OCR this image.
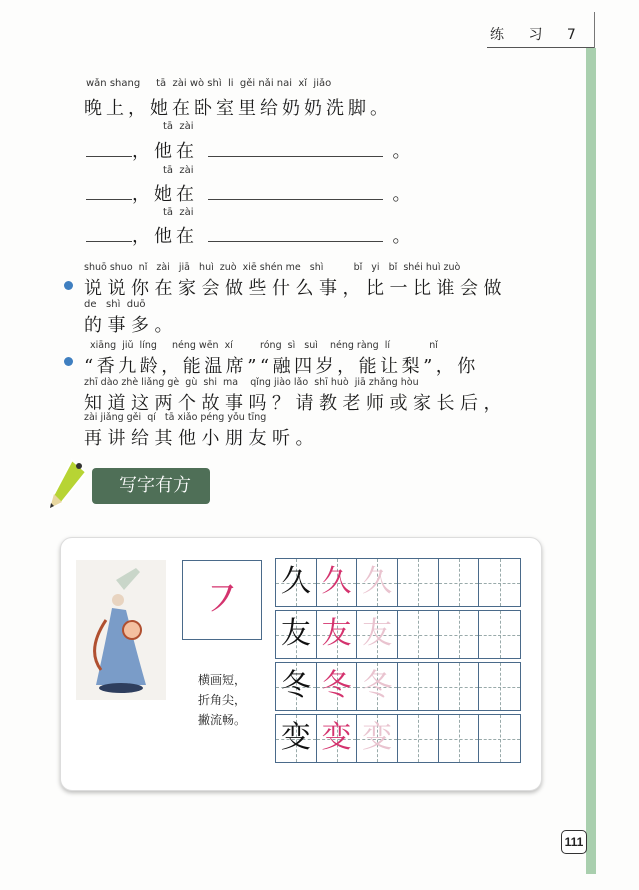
练 习 7
wǎn shang     tā  zài wò shì  li  gěi nǎi nai  xǐ  jiǎo
晚上，她在卧室里给奶奶洗脚。
tā  zài
，他在	。
tā  zài
，她在	。
tā  zài
，他在	。
shuō shuo  nǐ   zài   jiā   huì  zuò  xiē shén me   shì          bǐ   yi   bǐ  shéi huì zuò
说说你在家会做些什么事，比一比谁会做
de   shì  duō
的事多。
xiāng  jiǔ  líng     néng wēn  xí         róng  sì   suì    néng ràng  lí             nǐ
“香九龄，能温席”“融四岁，能让梨”，你
zhī dào zhè liǎng gè  gù  shi  ma    qǐng jiào lǎo  shī huò  jiā zhǎng hòu
知道这两个故事吗？请教老师或家长后，
zài jiǎng gěi  qí   tā xiǎo péng yǒu tīng
再讲给其他小朋友听。
写字有方
㇇
横画短，
折角尖，
撇流畅。
久 久 久
友 友 友
冬 冬 冬
变 变 变
111
